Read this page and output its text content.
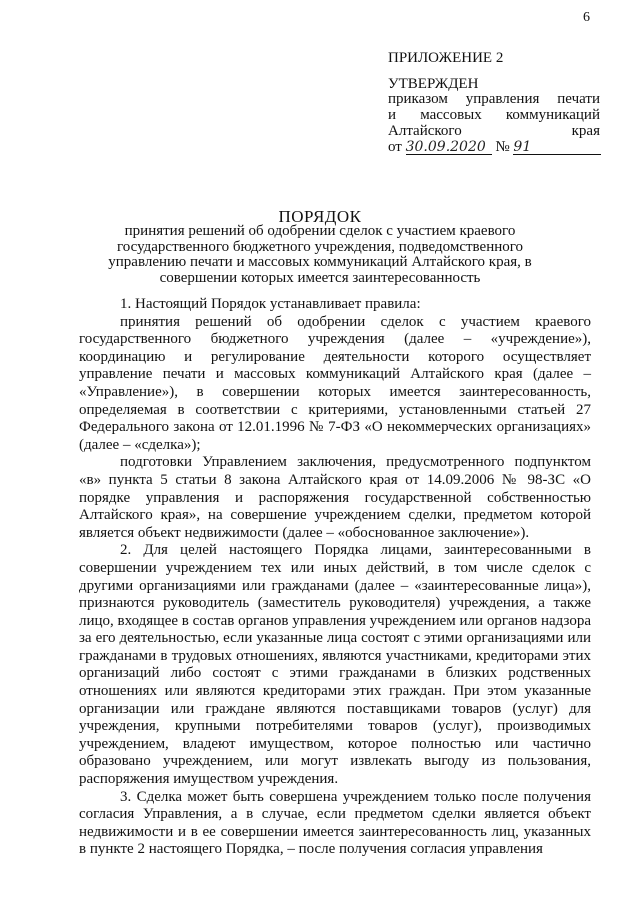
6
ПРИЛОЖЕНИЕ 2
УТВЕРЖДЕН
приказом управления печати
и массовых коммуникаций
Алтайского края
от 30.09.2020 № 91
ПОРЯДОК
принятия решений об одобрении сделок с участием краевого государственного бюджетного учреждения, подведомственного управлению печати и массовых коммуникаций Алтайского края, в совершении которых имеется заинтересованность

1. Настоящий Порядок устанавливает правила:

принятия решений об одобрении сделок с участием краевого государственного бюджетного учреждения (далее – «учреждение»), координацию и регулирование деятельности которого осуществляет управление печати и массовых коммуникаций Алтайского края (далее – «Управление»), в совершении которых имеется заинтересованность, определяемая в соответствии с критериями, установленными статьей 27 Федерального закона от 12.01.1996 № 7-ФЗ «О некоммерческих организациях» (далее – «сделка»);

подготовки Управлением заключения, предусмотренного подпунктом «в» пункта 5 статьи 8 закона Алтайского края от 14.09.2006 № 98-ЗС «О порядке управления и распоряжения государственной собственностью Алтайского края», на совершение учреждением сделки, предметом которой является объект недвижимости (далее – «обоснованное заключение»).

2. Для целей настоящего Порядка лицами, заинтересованными в совершении учреждением тех или иных действий, в том числе сделок с другими организациями или гражданами (далее – «заинтересованные лица»), признаются руководитель (заместитель руководителя) учреждения, а также лицо, входящее в состав органов управления учреждением или органов надзора за его деятельностью, если указанные лица состоят с этими организациями или гражданами в трудовых отношениях, являются участниками, кредиторами этих организаций либо состоят с этими гражданами в близких родственных отношениях или являются кредиторами этих граждан. При этом указанные организации или граждане являются поставщиками товаров (услуг) для учреждения, крупными потребителями товаров (услуг), производимых учреждением, владеют имуществом, которое полностью или частично образовано учреждением, или могут извлекать выгоду из пользования, распоряжения имуществом учреждения.

3. Сделка может быть совершена учреждением только после получения согласия Управления, а в случае, если предметом сделки является объект недвижимости и в ее совершении имеется заинтересованность лиц, указанных в пункте 2 настоящего Порядка, – после получения согласия управления
